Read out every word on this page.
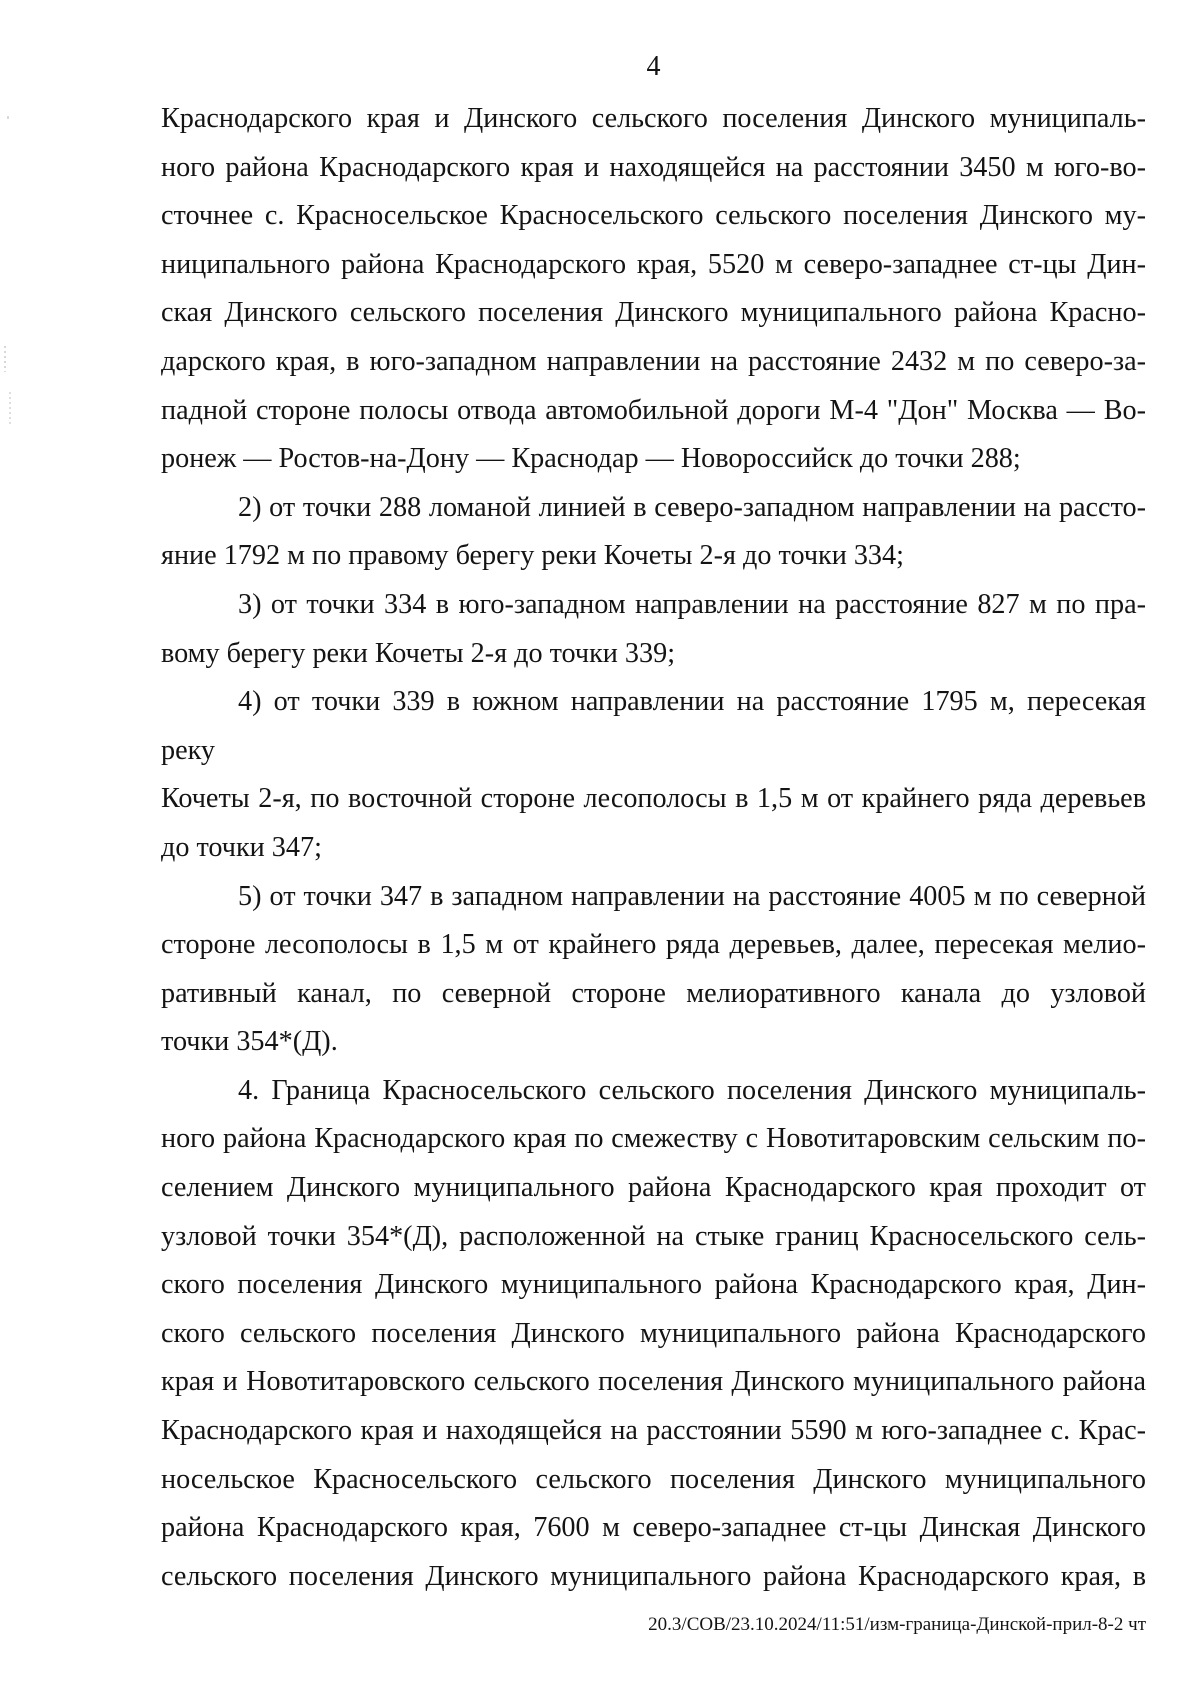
4
Краснодарского края и Динского сельского поселения Динского муниципаль-
ного района Краснодарского края и находящейся на расстоянии 3450 м юго-во-
сточнее с. Красносельское Красносельского сельского поселения Динского му-
ниципального района Краснодарского края, 5520 м северо-западнее ст-цы Дин-
ская Динского сельского поселения Динского муниципального района Красно-
дарского края, в юго-западном направлении на расстояние 2432 м по северо-за-
падной стороне полосы отвода автомобильной дороги М-4 "Дон" Москва — Во-
ронеж — Ростов-на-Дону — Краснодар — Новороссийск до точки 288;
2) от точки 288 ломаной линией в северо-западном направлении на рассто-
яние 1792 м по правому берегу реки Кочеты 2-я до точки 334;
3) от точки 334 в юго-западном направлении на расстояние 827 м по пра-
вому берегу реки Кочеты 2-я до точки 339;
4) от точки 339 в южном направлении на расстояние 1795 м, пересекая реку
Кочеты 2-я, по восточной стороне лесополосы в 1,5 м от крайнего ряда деревьев
до точки 347;
5) от точки 347 в западном направлении на расстояние 4005 м по северной
стороне лесополосы в 1,5 м от крайнего ряда деревьев, далее, пересекая мелио-
ративный канал, по северной стороне мелиоративного канала до узловой
точки 354*(Д).
4. Граница Красносельского сельского поселения Динского муниципаль-
ного района Краснодарского края по смежеству с Новотитаровским сельским по-
селением Динского муниципального района Краснодарского края проходит от
узловой точки 354*(Д), расположенной на стыке границ Красносельского сель-
ского поселения Динского муниципального района Краснодарского края, Дин-
ского сельского поселения Динского муниципального района Краснодарского
края и Новотитаровского сельского поселения Динского муниципального района
Краснодарского края и находящейся на расстоянии 5590 м юго-западнее с. Крас-
носельское Красносельского сельского поселения Динского муниципального
района Краснодарского края, 7600 м северо-западнее ст-цы Динская Динского
сельского поселения Динского муниципального района Краснодарского края, в
20.3/СОВ/23.10.2024/11:51/изм-граница-Динской-прил-8-2 чт
